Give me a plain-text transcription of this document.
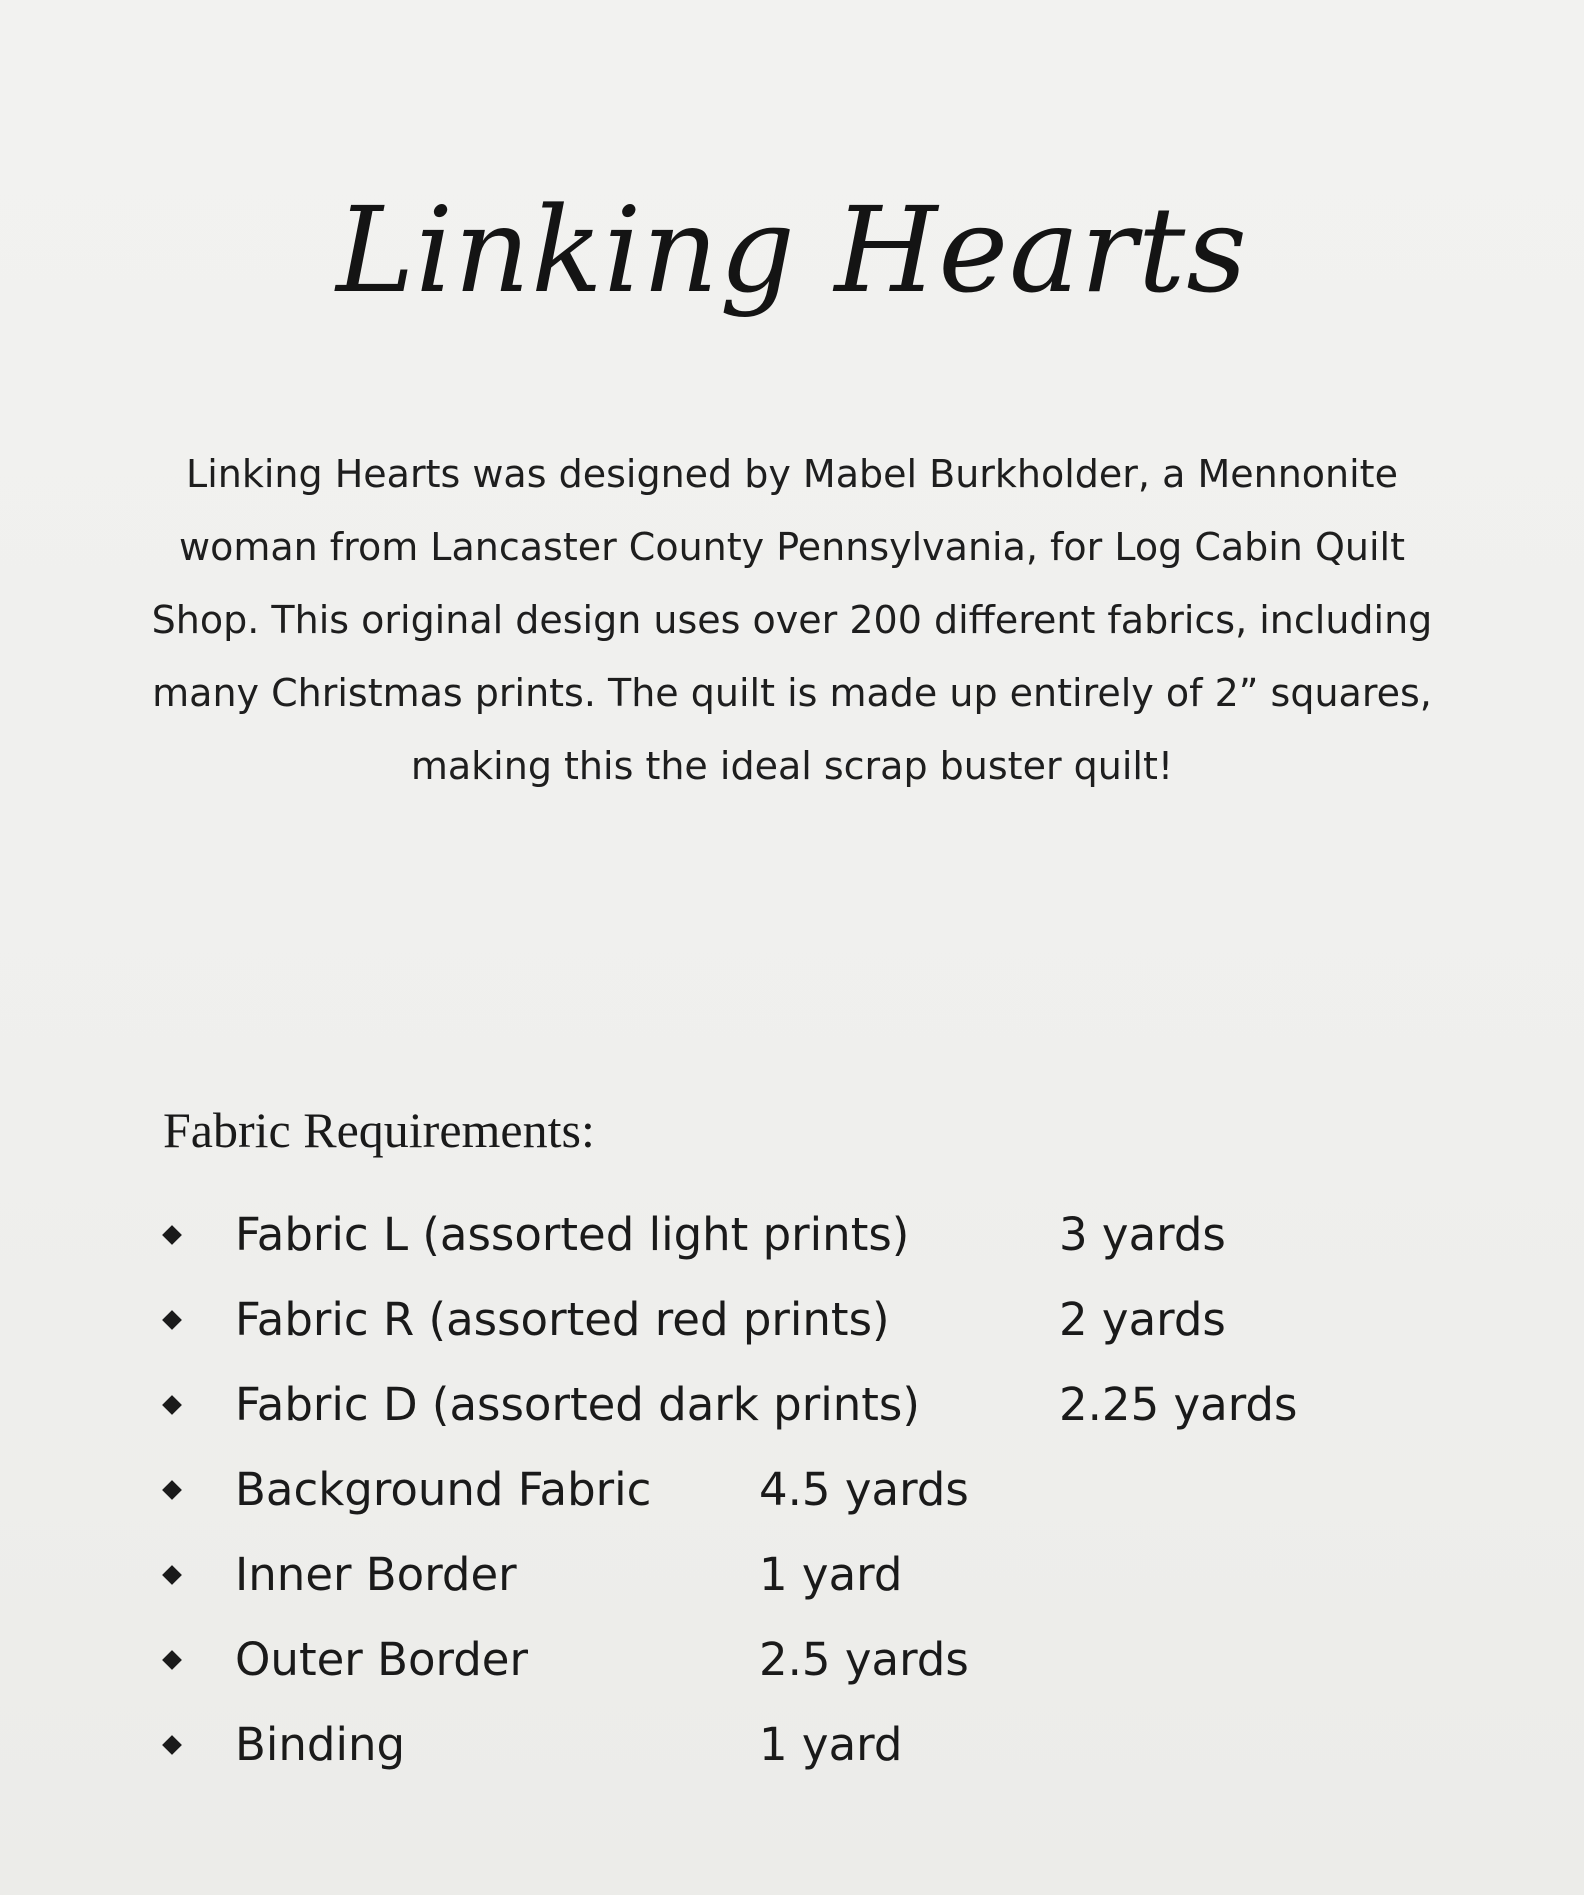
Linking Hearts
Linking Hearts was designed by Mabel Burkholder, a Mennonite
woman from Lancaster County Pennsylvania, for Log Cabin Quilt
Shop. This original design uses over 200 different fabrics, including
many Christmas prints. The quilt is made up entirely of 2” squares,
making this the ideal scrap buster quilt!
Fabric Requirements:
Fabric L (assorted light prints)	3 yards
Fabric R (assorted red prints)	2 yards
Fabric D (assorted dark prints)	2.25 yards
Background Fabric 4.5 yards
Inner Border	1 yard
Outer Border	2.5 yards
Binding	1 yard
